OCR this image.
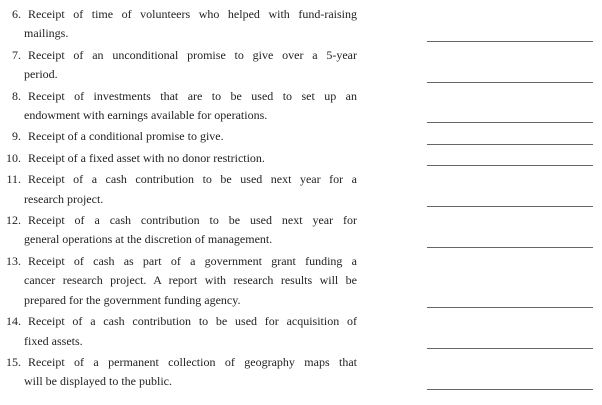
6. Receipt of time of volunteers who helped with fund-raising
mailings.
7. Receipt of an unconditional promise to give over a 5-year
period.
8. Receipt of investments that are to be used to set up an
endowment with earnings available for operations.
9. Receipt of a conditional promise to give.
10. Receipt of a fixed asset with no donor restriction.
11. Receipt of a cash contribution to be used next year for a
research project.
12. Receipt of a cash contribution to be used next year for
general operations at the discretion of management.
13. Receipt of cash as part of a government grant funding a
cancer research project. A report with research results will be
prepared for the government funding agency.
14. Receipt of a cash contribution to be used for acquisition of
fixed assets.
15. Receipt of a permanent collection of geography maps that
will be displayed to the public.
